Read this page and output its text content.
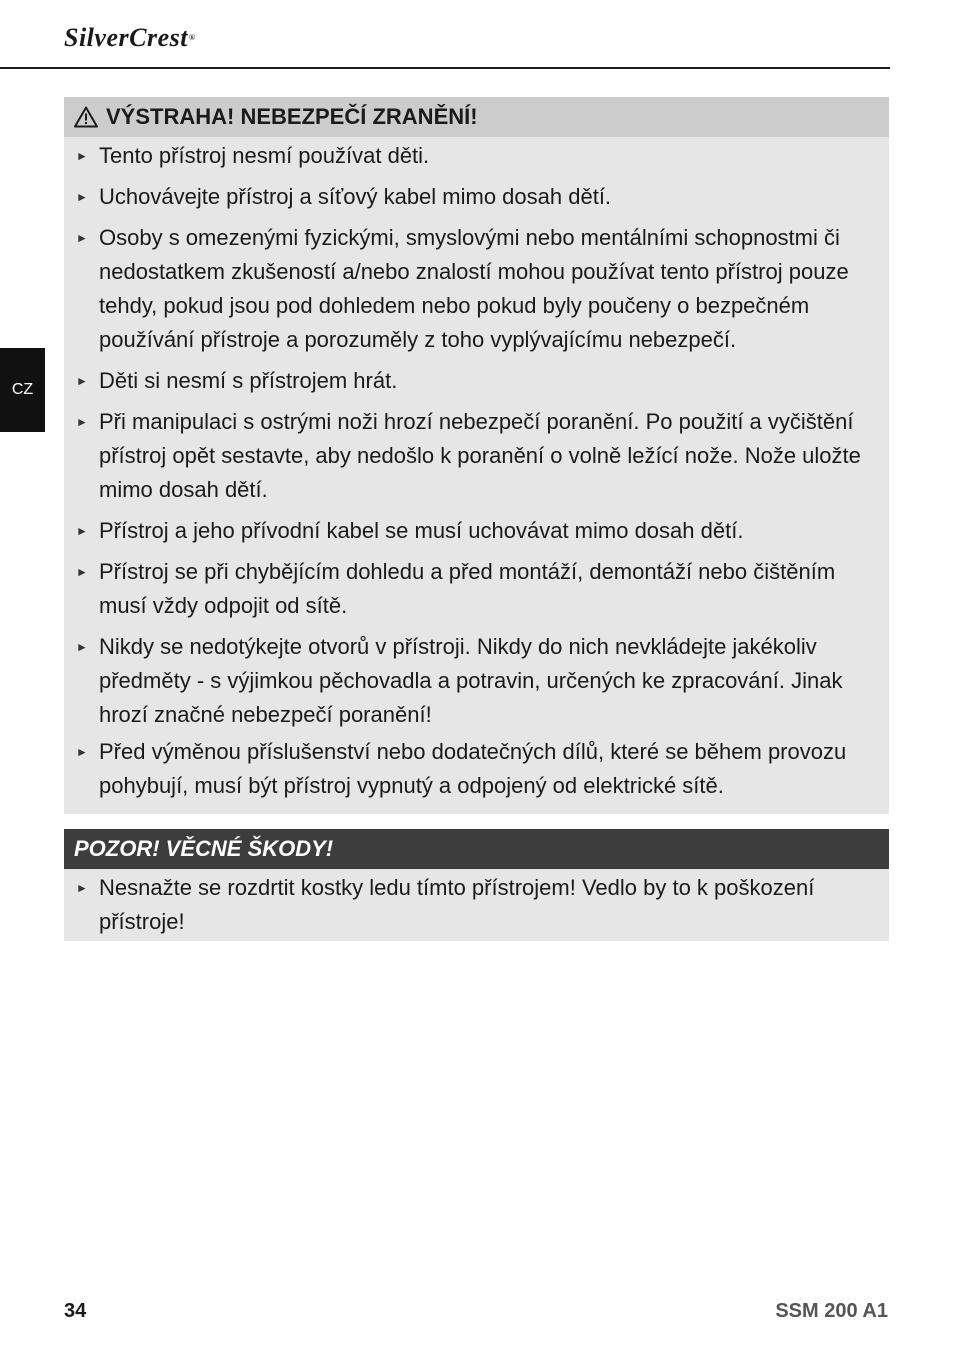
SilverCrest®
CZ
VÝSTRAHA! NEBEZPEČÍ ZRANĚNÍ!
► Tento přístroj nesmí používat děti.
► Uchovávejte přístroj a síťový kabel mimo dosah dětí.
► Osoby s omezenými fyzickými, smyslovými nebo mentálními schopnostmi či nedostatkem zkušeností a/nebo znalostí mohou používat tento přístroj pouze tehdy, pokud jsou pod dohledem nebo pokud byly poučeny o bezpečném používání přístroje a porozuměly z toho vyplývajícímu nebezpečí.
► Děti si nesmí s přístrojem hrát.
► Při manipulaci s ostrými noži hrozí nebezpečí poranění. Po použití a vyčištění přístroj opět sestavte, aby nedošlo k poranění o volně ležící nože. Nože uložte mimo dosah dětí.
► Přístroj a jeho přívodní kabel se musí uchovávat mimo dosah dětí.
► Přístroj se při chybějícím dohledu a před montáží, demontáží nebo čištěním musí vždy odpojit od sítě.
► Nikdy se nedotýkejte otvorů v přístroji. Nikdy do nich nevkládejte jakékoliv předměty - s výjimkou pěchovadla a potravin, určených ke zpracování. Jinak hrozí značné nebezpečí poranění!
► Před výměnou příslušenství nebo dodatečných dílů, které se během provozu pohybují, musí být přístroj vypnutý a odpojený od elektrické sítě.
POZOR! VĚCNÉ ŠKODY!
► Nesnažte se rozdrtit kostky ledu tímto přístrojem! Vedlo by to k poškození přístroje!
34	SSM 200 A1
